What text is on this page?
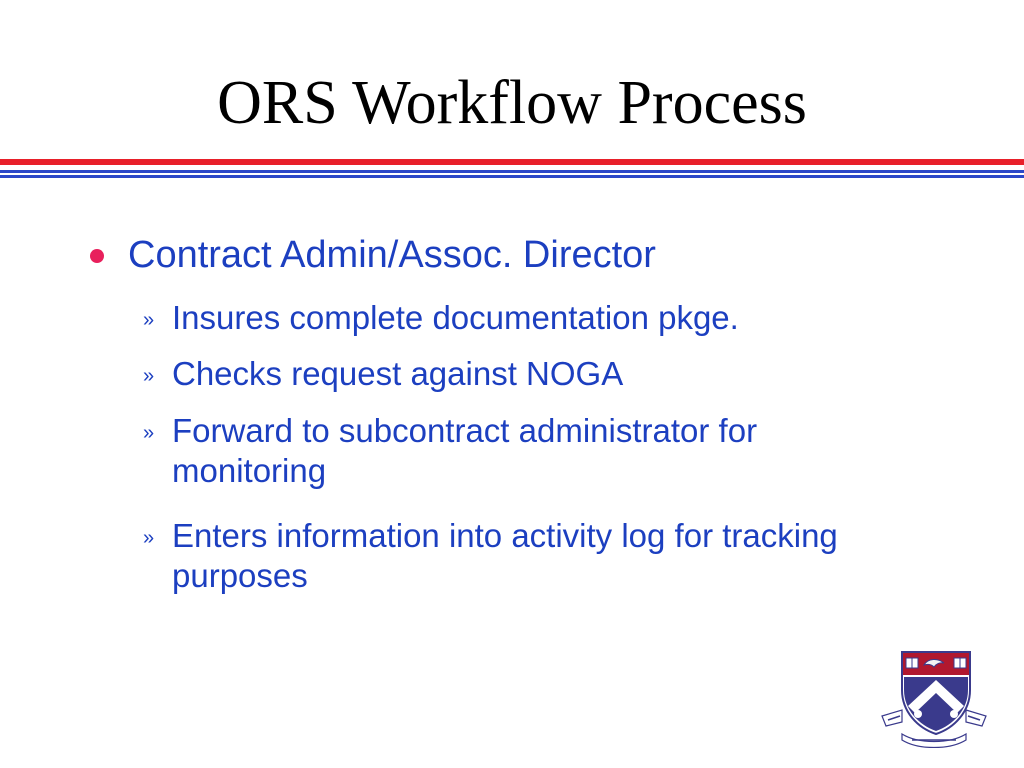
ORS Workflow Process
Contract Admin/Assoc. Director
» Insures complete documentation pkge.
» Checks request against NOGA
» Forward to subcontract administrator for monitoring
» Enters information into activity log for tracking purposes
